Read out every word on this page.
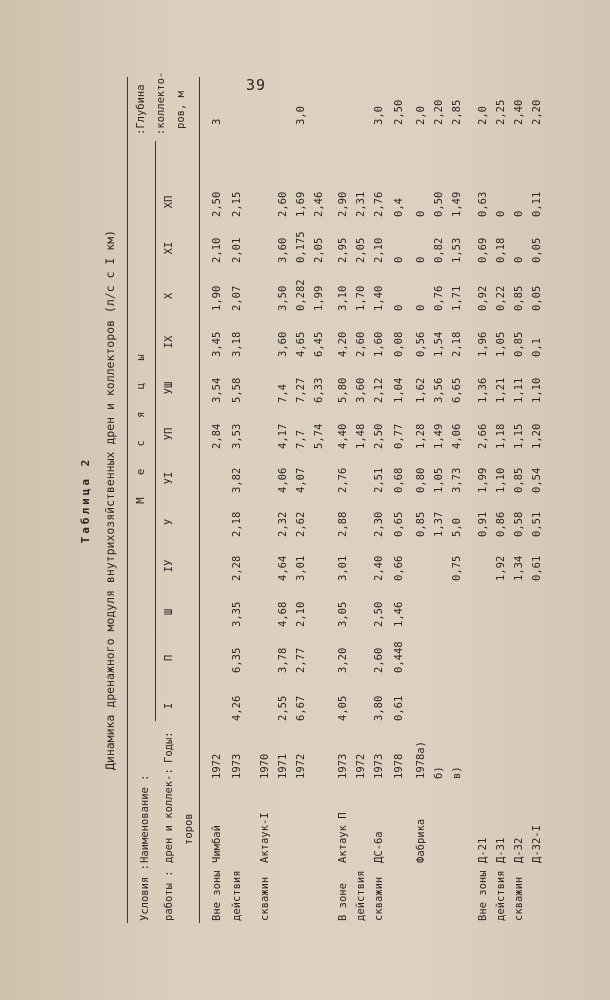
39
Таблица 2 Динамика дренажного модуля внутрихозяйственных дрен и коллекторов (л/с с I км)
Условия : работы :
Наименование : дрен и коллек-: торов
Годы:
М е с я ц ы
I
П
Ш
IУ
У
УI
УП
УШ
IХ
Х
ХI
ХП
:Глубина :коллекто- ров, м
Вне зоны
Чимбай
1972
2,84
3,54
3,45
1,90
2,10
2,50
3
действия
1973
4,26
6,35
3,35
2,28
2,18
3,82
3,53
5,58
3,18
2,07
2,01
2,15
скважин
Актаук-I
1970 1971
2,55
3,78
4,68
4,64
2,32
4,06
4,17
7,4
3,60
3,50
3,60
2,60
1972
6,67
2,77
2,10
3,01
2,62
4,07
7,7
7,27
4,65
0,282
0,175
1,69
3,0
5,74
6,33
6,45
1,99
2,05
2,46
В зоне
Актаук П
1973
4,05
3,20
3,05
3,01
2,88
2,76
4,40
5,80
4,20
3,10
2,95
2,90
действия
1972
1,48
3,60
2,60
1,70
2,05
2,31
скважин
ДС-6а
1973
3,80
2,60
2,50
2,40
2,30
2,51
2,50
2,12
1,60
1,40
2,10
2,76
3,0
1978
0,61
0,448
1,46
0,66
0,65
0,68
0,77
1,04
0,08
0
0
0,4
2,50
Фабрика
1978а)
0,85
0,80
1,28
1,62
0,56
0
0
0
2,0
б)
1,37
1,05
1,49
3,56
1,54
0,76
0,82
0,50
2,20
в)
0,75
5,0
3,73
4,06
6,65
2,18
1,71
1,53
1,49
2,85
Вне зоны
Д-21
0,91
1,99
2,66
1,36
1,96
0,92
0,69
0,63
2,0
действия
Д-31
1,92
0,86
1,10
1,18
1,21
1,05
0,22
0,18
0
2,25
скважин
Д-32
1,34
0,58
0,85
1,15
1,11
0,85
0,85
0
0
2,40
Д-32-I
0,61
0,51
0,54
1,20
1,10
0,1
0,05
0,05
0,11
2,20
